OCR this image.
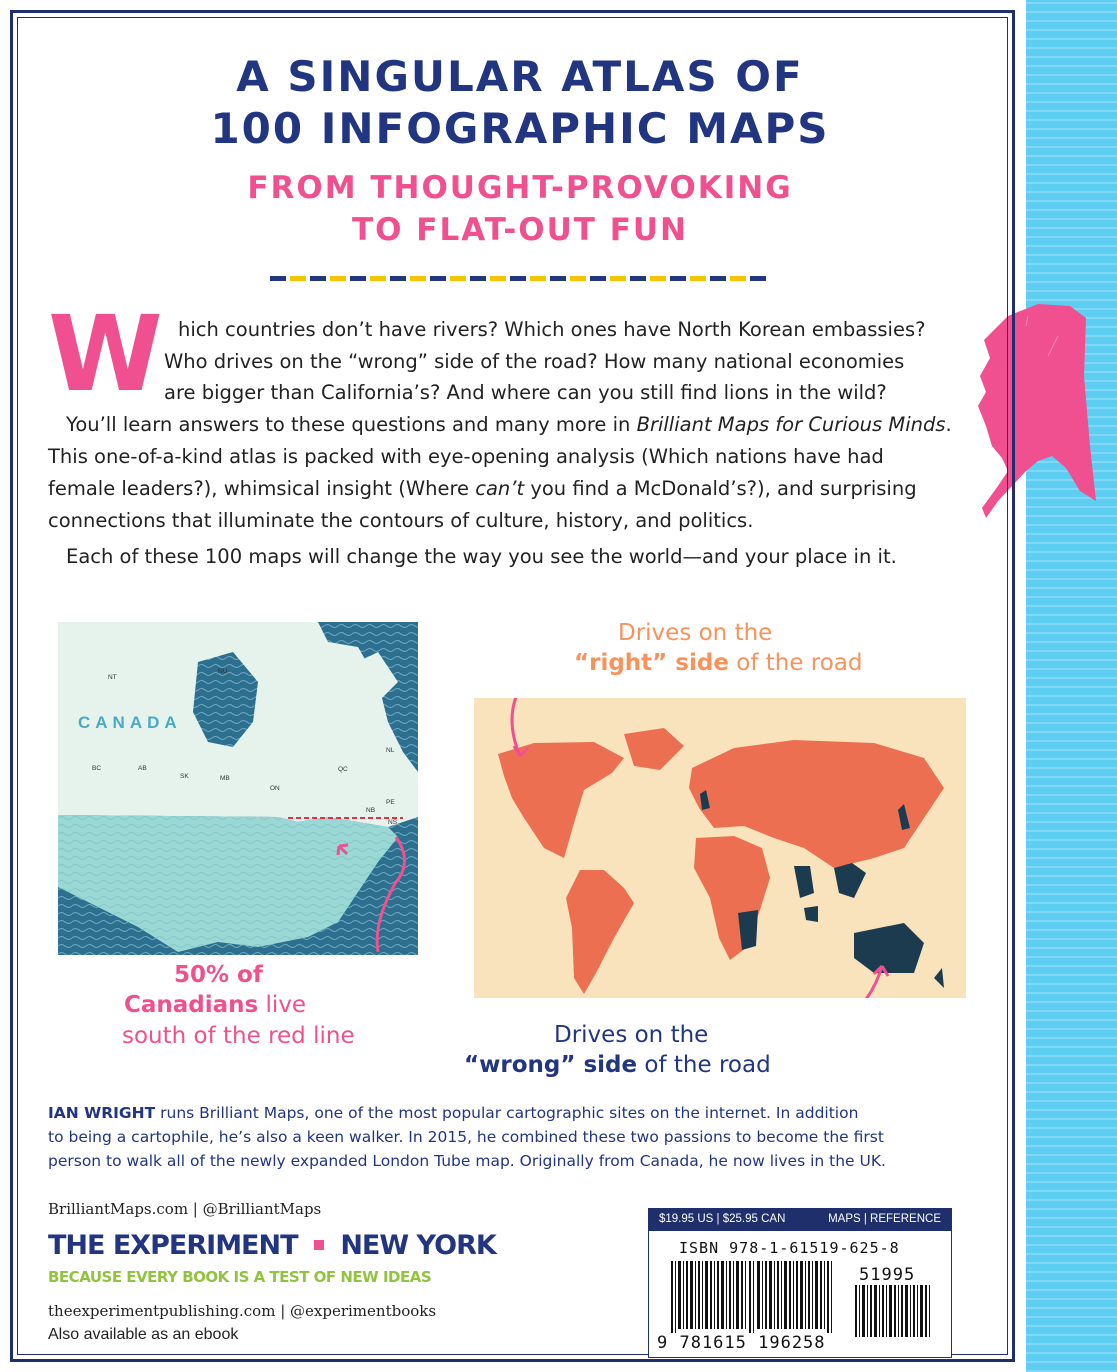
A SINGULAR ATLAS OF
100 INFOGRAPHIC MAPS
FROM THOUGHT-PROVOKING
TO FLAT-OUT FUN
W hich countries don’t have rivers? Which ones have North Korean embassies?
Who drives on the “wrong” side of the road? How many national economies
are bigger than California’s? And where can you still find lions in the wild?
You’ll learn answers to these questions and many more in Brilliant Maps for Curious Minds.
This one-of-a-kind atlas is packed with eye-opening analysis (Which nations have had
female leaders?), whimsical insight (Where can’t you find a McDonald’s?), and surprising
connections that illuminate the contours of culture, history, and politics.
Each of these 100 maps will change the way you see the world—and your place in it.
CANADA
NT
NU
BC	AB
SK	MB
ON
QC
NL
NB
PE
NS
50% of
Canadians live
south of the red line
Drives on the
“right” side of the road
Drives on the
“wrong” side of the road
IAN WRIGHT runs Brilliant Maps, one of the most popular cartographic sites on the internet. In addition
to being a cartophile, he’s also a keen walker. In 2015, he combined these two passions to become the first
person to walk all of the newly expanded London Tube map. Originally from Canada, he now lives in the UK.
BrilliantMaps.com | @BrilliantMaps
THE EXPERIMENT NEW YORK
BECAUSE EVERY BOOK IS A TEST OF NEW IDEAS
theexperimentpublishing.com | @experimentbooks
Also available as an ebook
$19.95 US | $25.95 CAN	MAPS | REFERENCE
ISBN 978-1-61519-625-8
51995
9 781615 196258
